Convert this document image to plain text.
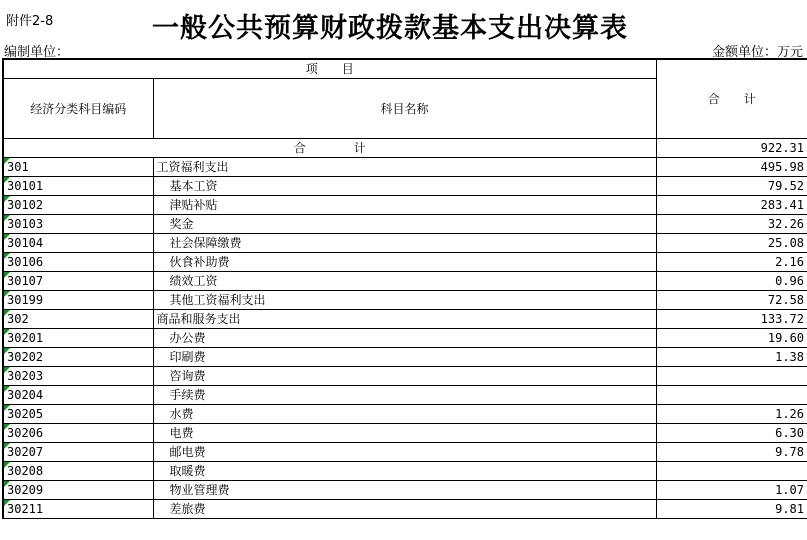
附件2-8	一般公共预算财政拨款基本支出决算表
编制单位：	金额单位：万元
项　　目		合　　计
经济分类科目编码	科目名称	
合　　　　计		922.31
301	工资福利支出	495.98
30101	基本工资	79.52
30102	津贴补贴	283.41
30103	奖金	32.26
30104	社会保障缴费	25.08
30106	伙食补助费	2.16
30107	绩效工资	0.96
30199	其他工资福利支出	72.58
302	商品和服务支出	133.72
30201	办公费	19.60
30202	印刷费	1.38
30203	咨询费	
30204	手续费	
30205	水费	1.26
30206	电费	6.30
30207	邮电费	9.78
30208	取暖费	
30209	物业管理费	1.07
30211	差旅费	9.81
